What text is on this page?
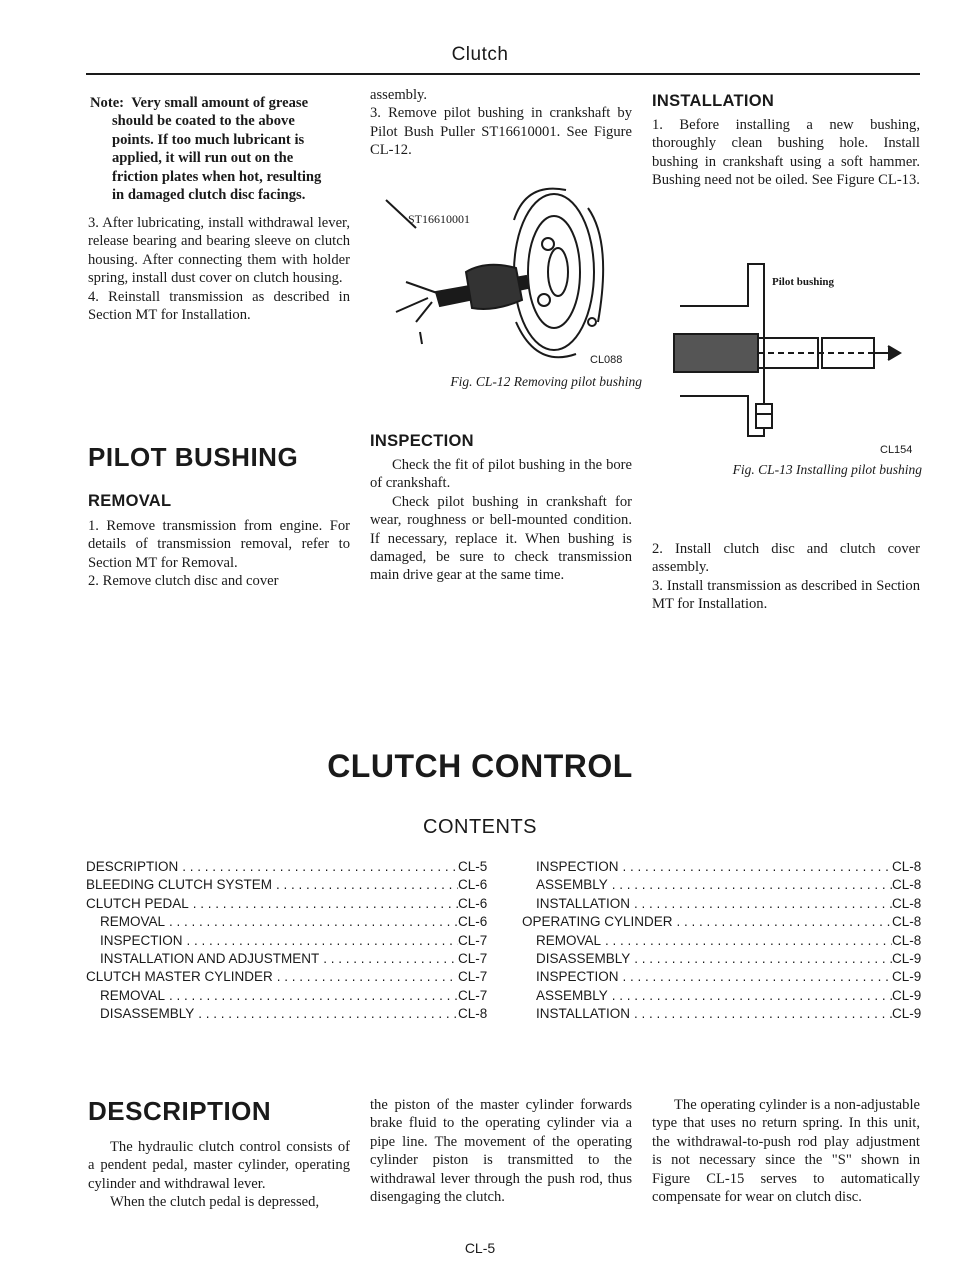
Clutch

Note: Very small amount of grease

should be coated to the above

points. If too much lubricant is

applied, it will run out on the

friction plates when hot, resulting

in damaged clutch disc facings.

3. After lubricating, install withdrawal lever, release bearing and bearing sleeve on clutch housing. After connecting them with holder spring, install dust cover on clutch housing.

4. Reinstall transmission as described in Section MT for Installation.

PILOT BUSHING
REMOVAL

1. Remove transmission from engine. For details of transmission removal, refer to Section MT for Removal.

2. Remove clutch disc and cover

assembly.

3. Remove pilot bushing in crankshaft by Pilot Bush Puller ST16610001. See Figure CL-12.

ST16610001
CL088
Fig. CL-12 Removing pilot bushing
INSPECTION

Check the fit of pilot bushing in the bore of crankshaft.

Check pilot bushing in crankshaft for wear, roughness or bell-mounted condition. If necessary, replace it. When bushing is damaged, be sure to check transmission main drive gear at the same time.

INSTALLATION
1. Before installing a new bushing, thoroughly clean bushing hole. Install bushing in crankshaft using a soft hammer. Bushing need not be oiled. See Figure CL-13.
Pilot bushing
CL154
Fig. CL-13 Installing pilot bushing

2. Install clutch disc and clutch cover assembly.

3. Install transmission as described in Section MT for Installation.

CLUTCH CONTROL
CONTENTS
DESCRIPTION . . .	CL-5
BLEEDING CLUTCH SYSTEM . . .	CL-6
CLUTCH PEDAL . . .	CL-6
REMOVAL . . .	CL-6
INSPECTION . . .	CL-7
INSTALLATION AND ADJUSTMENT . . .	CL-7
CLUTCH MASTER CYLINDER . . .	CL-7
REMOVAL . . .	CL-7
DISASSEMBLY . . .	CL-8
INSPECTION . . .	CL-8
ASSEMBLY . . .	CL-8
INSTALLATION . . .	CL-8
OPERATING CYLINDER . . .	CL-8
REMOVAL . . .	CL-8
DISASSEMBLY . . .	CL-9
INSPECTION . . .	CL-9
ASSEMBLY . . .	CL-9
INSTALLATION . . .	CL-9
DESCRIPTION

The hydraulic clutch control consists of a pendent pedal, master cylinder, operating cylinder and withdrawal lever.

When the clutch pedal is depressed,

the piston of the master cylinder forwards brake fluid to the operating cylinder via a pipe line. The movement of the operating cylinder piston is transmitted to the withdrawal lever through the push rod, thus disengaging the clutch.
The operating cylinder is a non-adjustable type that uses no return spring. In this unit, the withdrawal-to-push rod play adjustment is not necessary since the "S" shown in Figure CL-15 serves to automatically compensate for wear on clutch disc.
CL-5
